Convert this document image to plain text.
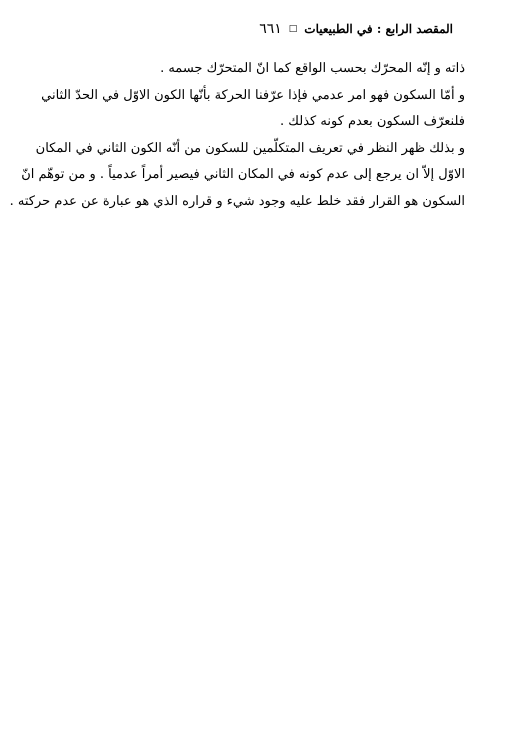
المقصد الرابع : في الطبيعيات
□
٦٦١
ذاته و إنّه المحرّك بحسب الواقع كما انّ المتحرّك جسمه .
و أمّا السكون فهو امر عدمي فإذا عرّفنا الحركة بأنّها الكون الاوّل في الحدّ الثاني
فلنعرّف السكون بعدم كونه كذلك .
و بذلك ظهر النظر في تعريف المتكلّمين للسكون من أنّه الكون الثاني في المكان
الاوّل إلاّ ان يرجع إلى عدم كونه في المكان الثاني فيصير أمراً عدمياً . و من توهّم انّ
السكون هو القرار فقد خلط عليه وجود شيء و قراره الذي هو عبارة عن عدم حركته .
